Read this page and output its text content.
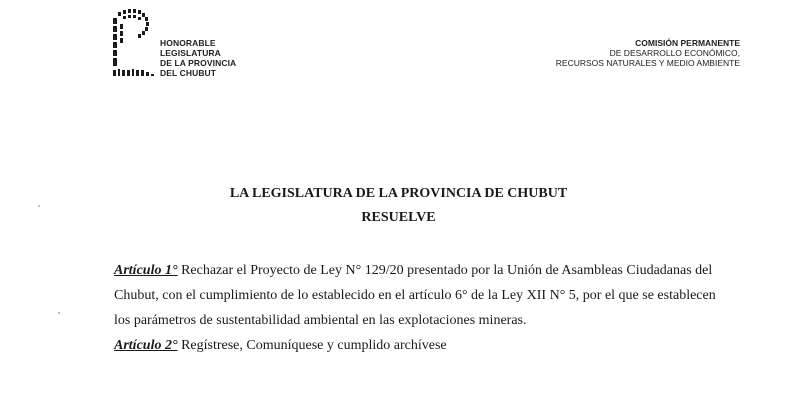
HONORABLE
LEGISLATURA
DE LA PROVINCIA
DEL CHUBUT
COMISIÓN PERMANENTE
DE DESARROLLO ECONÓMICO,
RECURSOS NATURALES Y MEDIO AMBIENTE
LA LEGISLATURA DE LA PROVINCIA DE CHUBUT
RESUELVE
Artículo 1° Rechazar el Proyecto de Ley N° 129/20 presentado por la Unión de Asambleas Ciudadanas del
Chubut, con el cumplimiento de lo establecido en el artículo 6° de la Ley XII N° 5, por el que se establecen
los parámetros de sustentabilidad ambiental en las explotaciones mineras.
Artículo 2° Regístrese, Comuníquese y cumplido archívese
